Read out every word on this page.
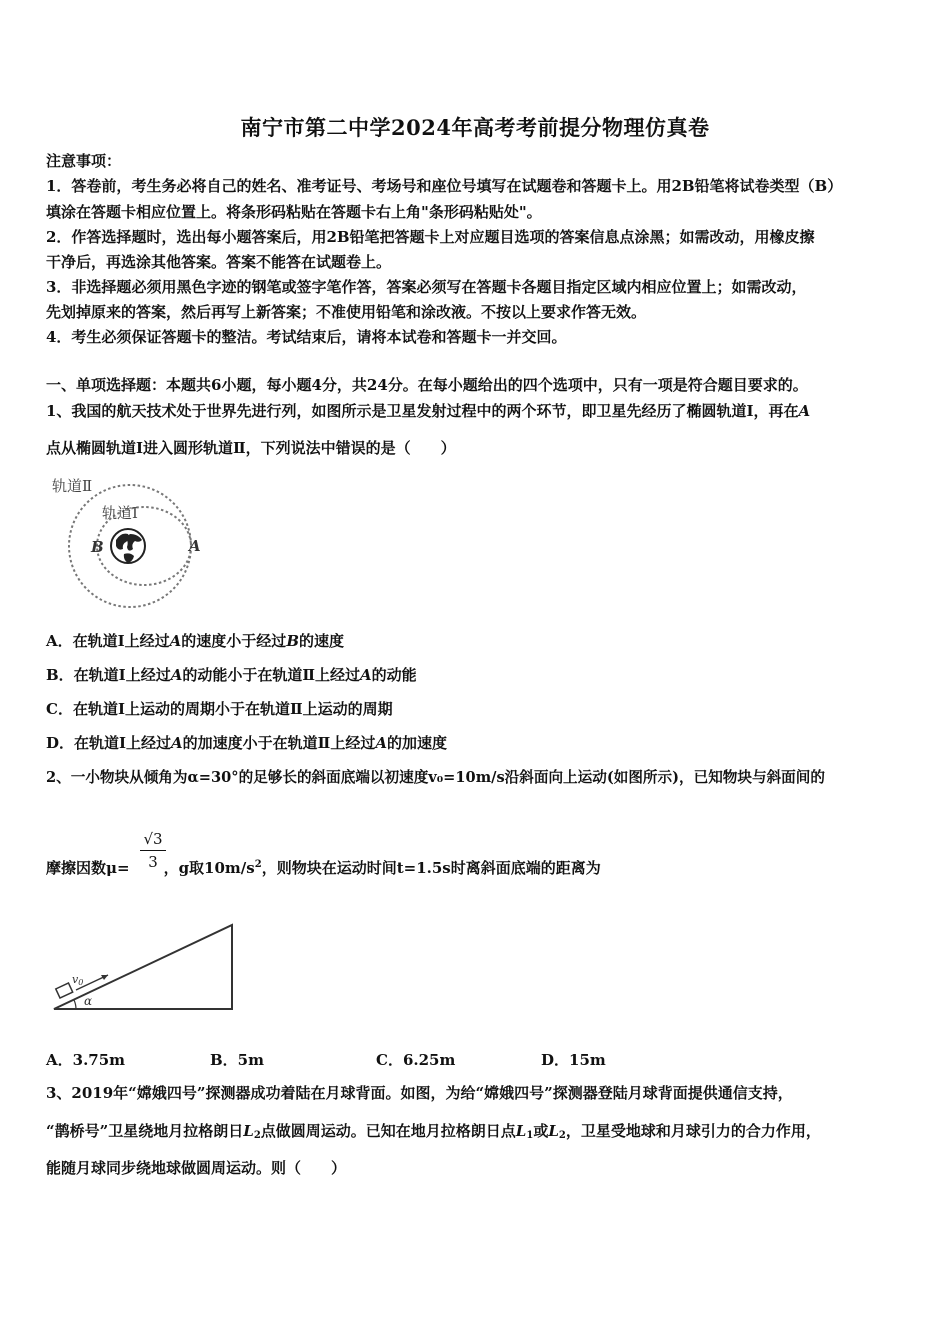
南宁市第二中学2024年高考考前提分物理仿真卷
注意事项：
1．答卷前，考生务必将自己的姓名、准考证号、考场号和座位号填写在试题卷和答题卡上。用2B铅笔将试卷类型（B）
填涂在答题卡相应位置上。将条形码粘贴在答题卡右上角"条形码粘贴处"。
2．作答选择题时，选出每小题答案后，用2B铅笔把答题卡上对应题目选项的答案信息点涂黑；如需改动，用橡皮擦
干净后，再选涂其他答案。答案不能答在试题卷上。
3．非选择题必须用黑色字迹的钢笔或签字笔作答，答案必须写在答题卡各题目指定区域内相应位置上；如需改动，
先划掉原来的答案，然后再写上新答案；不准使用铅笔和涂改液。不按以上要求作答无效。
4．考生必须保证答题卡的整洁。考试结束后，请将本试卷和答题卡一并交回。
一、单项选择题：本题共6小题，每小题4分，共24分。在每小题给出的四个选项中，只有一项是符合题目要求的。
1、我国的航天技术处于世界先进行列，如图所示是卫星发射过程中的两个环节，即卫星先经历了椭圆轨道Ⅰ，再在A
点从椭圆轨道Ⅰ进入圆形轨道Ⅱ，下列说法中错误的是（　　）
轨道Ⅱ
轨道Ⅰ
B	A
A．在轨道Ⅰ上经过A的速度小于经过B的速度
B．在轨道Ⅰ上经过A的动能小于在轨道Ⅱ上经过A的动能
C．在轨道Ⅰ上运动的周期小于在轨道Ⅱ上运动的周期
D．在轨道Ⅰ上经过A的加速度小于在轨道Ⅱ上经过A的加速度
2、一小物块从倾角为α=30°的足够长的斜面底端以初速度v₀=10m/s沿斜面向上运动(如图所示)，已知物块与斜面间的
摩擦因数μ= ，g取$10m/s^2$，则物块在运动时间t=1.5s时离斜面底端的距离为
$\frac{√3}{3}$
v0
α
A．3.75m	B．5m	C．6.25m	D．15m
3、2019年“嫦娥四号”探测器成功着陆在月球背面。如图，为给“嫦娥四号”探测器登陆月球背面提供通信支持，
“鹊桥号”卫星绕地月拉格朗日$L_2$点做圆周运动。已知在地月拉格朗日点$L_1$或$L_2$，卫星受地球和月球引力的合力作用，
能随月球同步绕地球做圆周运动。则（　　）
